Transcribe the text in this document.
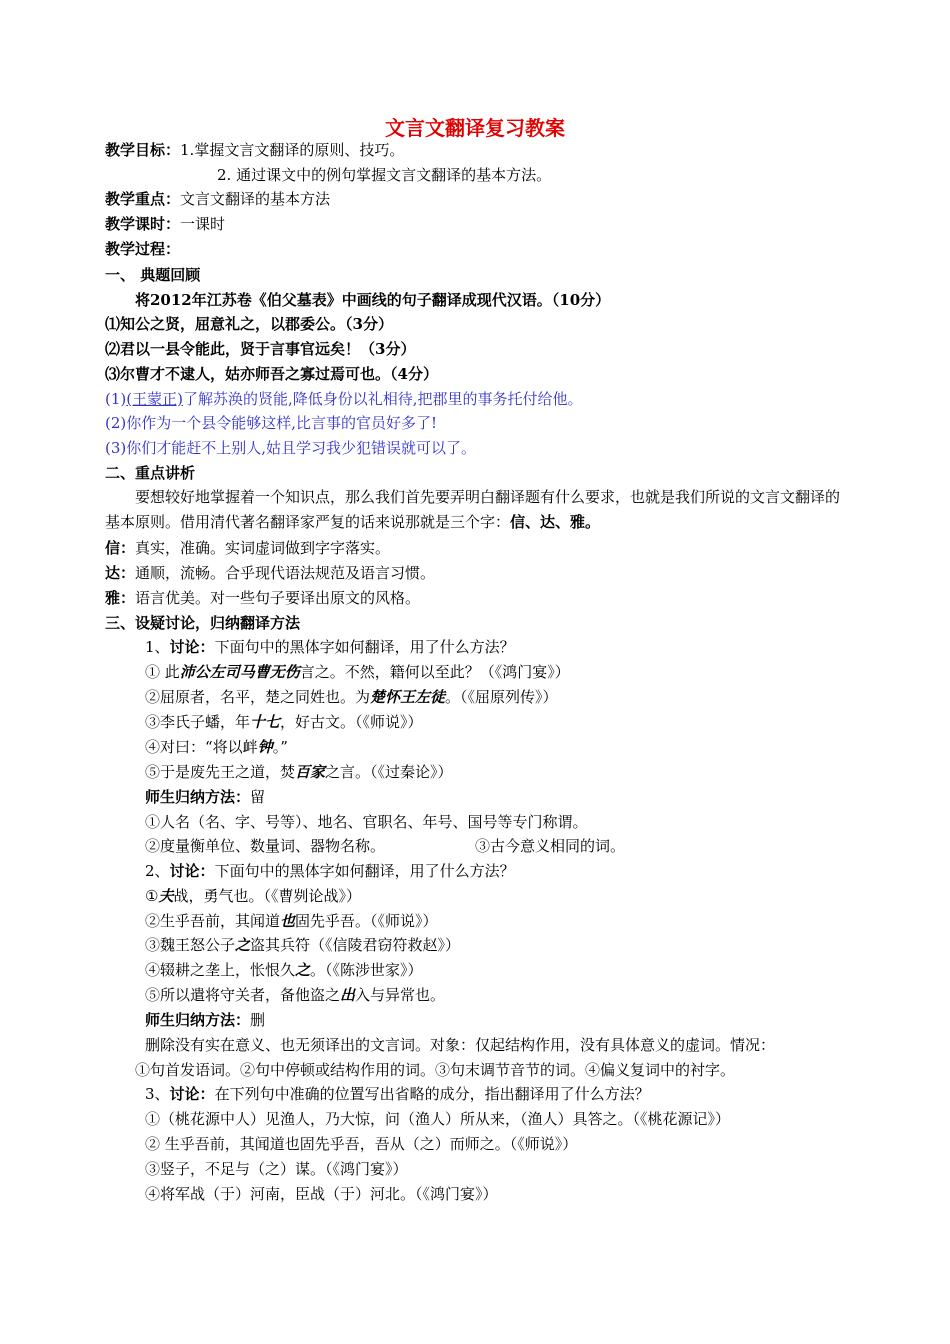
文言文翻译复习教案
教学目标：1.掌握文言文翻译的原则、技巧。
2. 通过课文中的例句掌握文言文翻译的基本方法。
教学重点：文言文翻译的基本方法
教学课时：一课时
教学过程：
一、 典题回顾
将2012年江苏卷《伯父墓表》中画线的句子翻译成现代汉语。（10分）
⑴知公之贤，屈意礼之，以郡委公。（3分）
⑵君以一县令能此，贤于言事官远矣！（3分）
⑶尔曹才不逮人，姑亦师吾之寡过焉可也。（4分）
(1)(王蒙正)了解苏涣的贤能,降低身份以礼相待,把郡里的事务托付给他。
(2)你作为一个县令能够这样,比言事的官员好多了!
(3)你们才能赶不上别人,姑且学习我少犯错误就可以了。
二、重点讲析
要想较好地掌握着一个知识点，那么我们首先要弄明白翻译题有什么要求，也就是我们所说的文言文翻译的基本原则。借用清代著名翻译家严复的话来说那就是三个字：信、达、雅。
信：真实，准确。实词虚词做到字字落实。
达：通顺，流畅。合乎现代语法规范及语言习惯。
雅：语言优美。对一些句子要译出原文的风格。
三、设疑讨论，归纳翻译方法
1、讨论：下面句中的黑体字如何翻译，用了什么方法？
① 此沛公左司马曹无伤言之。不然，籍何以至此？（《鸿门宴》）
②屈原者，名平，楚之同姓也。为楚怀王左徒。（《屈原列传》）
③李氏子蟠，年十七，好古文。（《师说》）
④对曰：“将以衅钟。”
⑤于是废先王之道，焚百家之言。（《过秦论》）
师生归纳方法：留
①人名（名、字、号等）、地名、官职名、年号、国号等专门称谓。
②度量衡单位、数量词、器物名称。	③古今意义相同的词。
2、讨论：下面句中的黑体字如何翻译，用了什么方法？
①夫战，勇气也。（《曹刿论战》）
②生乎吾前，其闻道也固先乎吾。（《师说》）
③魏王怒公子之盗其兵符（《信陵君窃符救赵》）
④辍耕之垄上，怅恨久之。（《陈涉世家》）
⑤所以遣将守关者，备他盗之出入与异常也。
师生归纳方法：删
删除没有实在意义、也无须译出的文言词。对象：仅起结构作用，没有具体意义的虚词。情况：
①句首发语词。②句中停顿或结构作用的词。③句末调节音节的词。④偏义复词中的衬字。
3、讨论：在下列句中准确的位置写出省略的成分，指出翻译用了什么方法？
①（桃花源中人）见渔人，乃大惊，问（渔人）所从来，（渔人）具答之。（《桃花源记》）
② 生乎吾前，其闻道也固先乎吾，吾从（之）而师之。（《师说》）
③竖子，不足与（之）谋。（《鸿门宴》）
④将军战（于）河南，臣战（于）河北。（《鸿门宴》）
